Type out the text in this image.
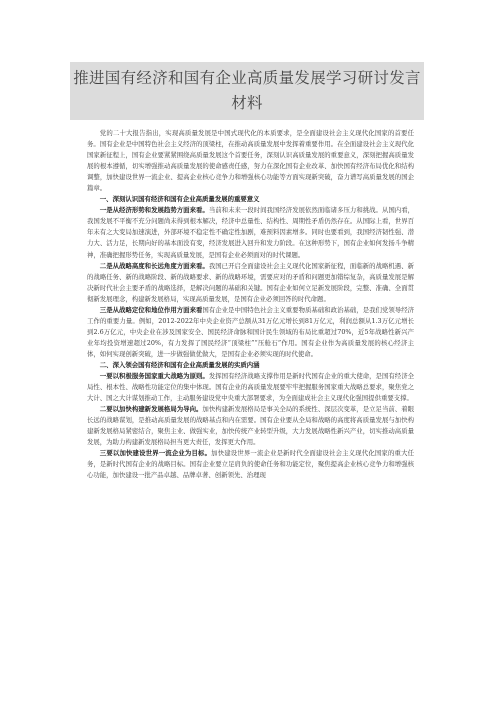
推进国有经济和国有企业高质量发展学习研讨发言材料

党的二十大报告指出，实现高质量发展是中国式现代化的本质要求，是全面建设社会主义现代化国家的首要任务。国有企业是中国特色社会主义经济的顶梁柱，在推动高质量发展中发挥着重要作用。在全面建设社会主义现代化国家新征程上，国有企业要紧紧围绕高质量发展这个首要任务，深刻认识高质量发展的重要意义，深刻把握高质量发展的根本遵循，切实增强推动高质量发展的使命感责任感，努力在深化国有企业改革、加快国有经济布局优化和结构调整，加快建设世界一流企业、提高企业核心竞争力和增强核心功能等方面实现新突破，奋力谱写高质量发展的国企篇章。

一、深刻认识国有经济和国有企业高质量发展的重要意义

一是从经济形势和发展趋势方面来看。当前和未来一段时间我国经济发展依然面临诸多压力和挑战。从国内看，我国发展不平衡不充分问题尚未得到根本解决，经济中总量性、结构性、周期性矛盾仍然存在。从国际上看，世界百年未有之大变局加速演进，外部环境不稳定性不确定性加剧，难预料因素增多。同时也要看到，我国经济韧性强、潜力大、活力足，长期向好的基本面没有变，经济发展进入回升和发力阶段。在这种形势下，国有企业如何发扬斗争精神，准确把握形势任务，实现高质量发展，是国有企业必须面对的时代课题。

二是从战略高度和长远角度方面来看。我国已开启全面建设社会主义现代化国家新征程，面临新的战略机遇、新的战略任务、新的战略阶段、新的战略要求、新的战略环境，需要应对的矛盾和问题更加错综复杂，高质量发展是解决新时代社会主要矛盾的战略选择，是解决问题的基础和关键。国有企业如何立足新发展阶段，完整、准确、全面贯彻新发展理念，构建新发展格局，实现高质量发展，是国有企业必须回答的时代命题。

三是从战略定位和地位作用方面来看国有企业是中国特色社会主义重要物质基础和政治基础，是我们党领导经济工作的重要力量。例如，2012-2022年中央企业资产总额从31万亿元增长到81万亿元，利润总额从1.3万亿元增长到2.6万亿元，中央企业在涉及国家安全、国民经济命脉和国计民生领域的布局比重超过70%，近5年战略性新兴产业年均投资增速超过20%，有力发挥了国民经济“顶梁柱”“压舱石”作用。国有企业作为高质量发展的核心经济主体，如何实现创新突破，进一步做强做优做大，是国有企业必须实现的时代使命。

二、深入领会国有经济和国有企业高质量发展的实质内涵

一要以积极服务国家重大战略为原则。发挥国有经济战略支撑作用是新时代国有企业的重大使命，是国有经济全局性、根本性、战略性功能定位的集中体现。国有企业的高质量发展要牢牢把握服务国家重大战略总要求，聚焦党之大计、国之大计谋划推动工作，主动服务建设党中央重大部署要求，为全面建成社会主义现代化强国提供重要支撑。

二要以加快构建新发展格局为导向。加快构建新发展格局是事关全局的系统性、深层次变革，是立足当前、着眼长远的战略谋划，是推动高质量发展的战略基点和内在需要。国有企业要从全局和战略的高度将高质量发展与加快构建新发展格局紧密结合，聚焦主业、做强实业，加快传统产业转型升级，大力发展战略性新兴产业，切实推动高质量发展，为助力构建新发展格局担当更大责任，发挥更大作用。

三要以加快建设世界一流企业为目标。加快建设世界一流企业是新时代全面建设社会主义现代化国家的重大任务，是新时代国有企业的战略目标。国有企业要立足肩负的使命任务和功能定位，聚焦提高企业核心竞争力和增强核心功能，加快建设一批产品卓越、品牌卓著、创新领先、治理现
